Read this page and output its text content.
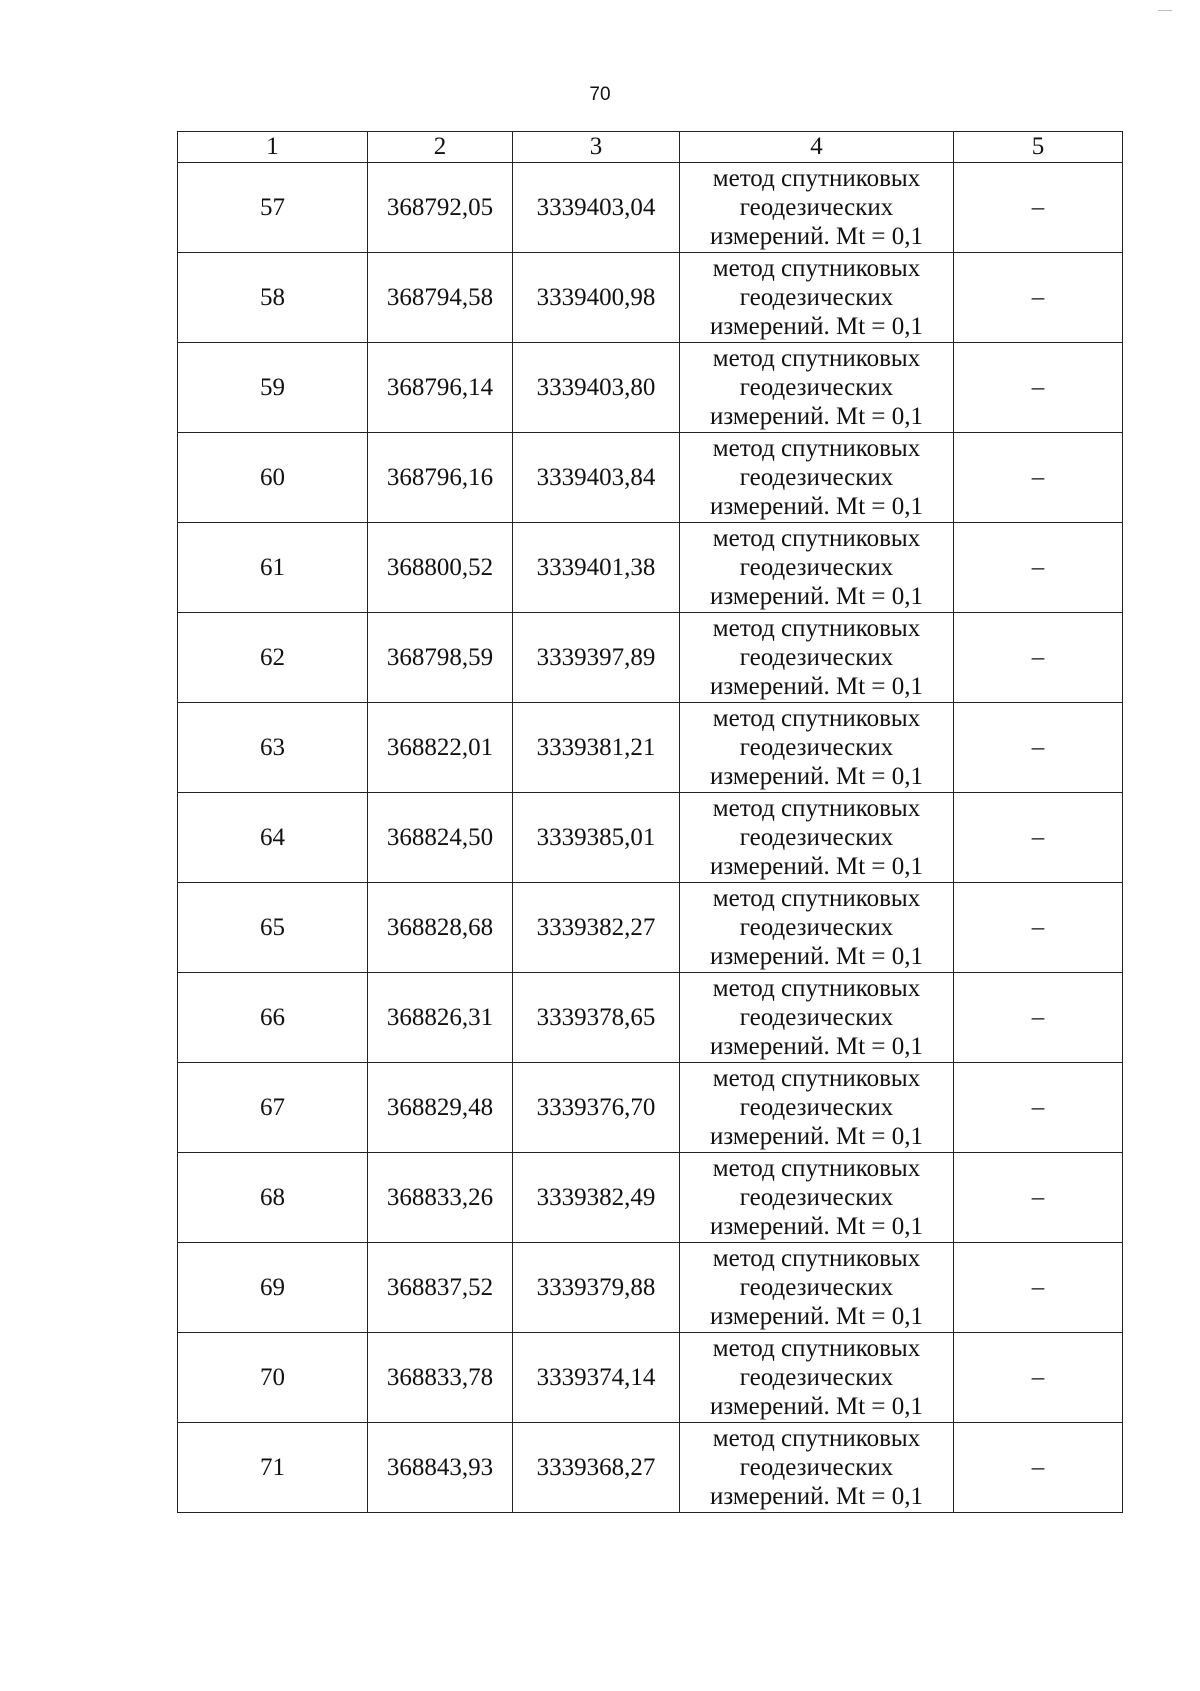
70
1	2	3	4	5
57	368792,05	3339403,04	метод спутниковых
геодезических
измерений. Mt = 0,1	–
58	368794,58	3339400,98	метод спутниковых
геодезических
измерений. Mt = 0,1	–
59	368796,14	3339403,80	метод спутниковых
геодезических
измерений. Mt = 0,1	–
60	368796,16	3339403,84	метод спутниковых
геодезических
измерений. Mt = 0,1	–
61	368800,52	3339401,38	метод спутниковых
геодезических
измерений. Mt = 0,1	–
62	368798,59	3339397,89	метод спутниковых
геодезических
измерений. Mt = 0,1	–
63	368822,01	3339381,21	метод спутниковых
геодезических
измерений. Mt = 0,1	–
64	368824,50	3339385,01	метод спутниковых
геодезических
измерений. Mt = 0,1	–
65	368828,68	3339382,27	метод спутниковых
геодезических
измерений. Mt = 0,1	–
66	368826,31	3339378,65	метод спутниковых
геодезических
измерений. Mt = 0,1	–
67	368829,48	3339376,70	метод спутниковых
геодезических
измерений. Mt = 0,1	–
68	368833,26	3339382,49	метод спутниковых
геодезических
измерений. Mt = 0,1	–
69	368837,52	3339379,88	метод спутниковых
геодезических
измерений. Mt = 0,1	–
70	368833,78	3339374,14	метод спутниковых
геодезических
измерений. Mt = 0,1	–
71	368843,93	3339368,27	метод спутниковых
геодезических
измерений. Mt = 0,1	–
